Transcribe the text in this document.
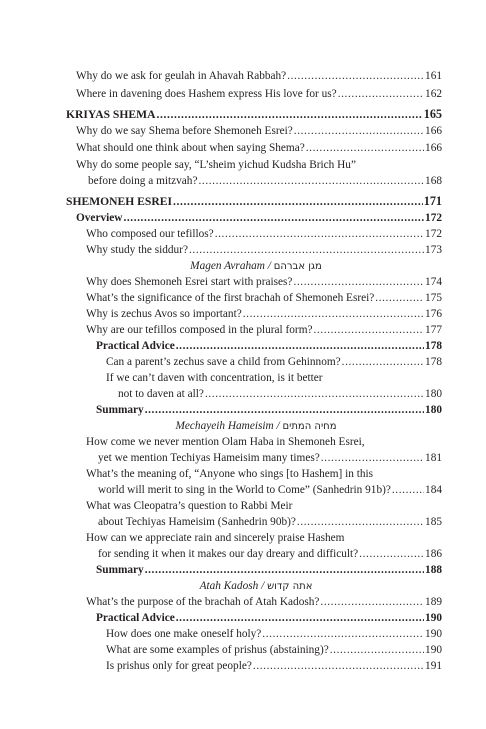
Why do we ask for geulah in Ahavah Rabbah? .....	161
Where in davening does Hashem express His love for us? .....	162
KRIYAS SHEMA .....	165
Why do we say Shema before Shemoneh Esrei? .....	166
What should one think about when saying Shema? .....	166
Why do some people say, “L’sheim yichud Kudsha Brich Hu”
before doing a mitzvah? .....	168
SHEMONEH ESREI .....	171
Overview .....	172
Who composed our tefillos? .....	172
Why study the siddur? .....	173
Magen Avraham / מגן אברהם
Why does Shemoneh Esrei start with praises? .....	174
What’s the significance of the first brachah of Shemoneh Esrei? .....	175
Why is zechus Avos so important? .....	176
Why are our tefillos composed in the plural form? .....	177
Practical Advice .....	178
Can a parent’s zechus save a child from Gehinnom? .....	178
If we can’t daven with concentration, is it better
not to daven at all? .....	180
Summary .....	180
Mechayeih Hameisim / מחיה המתים
How come we never mention Olam Haba in Shemoneh Esrei,
yet we mention Techiyas Hameisim many times? .....	181
What’s the meaning of, “Anyone who sings [to Hashem] in this
world will merit to sing in the World to Come” (Sanhedrin 91b)? .....	184
What was Cleopatra’s question to Rabbi Meir
about Techiyas Hameisim (Sanhedrin 90b)? .....	185
How can we appreciate rain and sincerely praise Hashem
for sending it when it makes our day dreary and difficult? .....	186
Summary .....	188
Atah Kadosh / אתה קדוש
What’s the purpose of the brachah of Atah Kadosh? .....	189
Practical Advice .....	190
How does one make oneself holy? .....	190
What are some examples of prishus (abstaining)? .....	190
Is prishus only for great people? .....	191
